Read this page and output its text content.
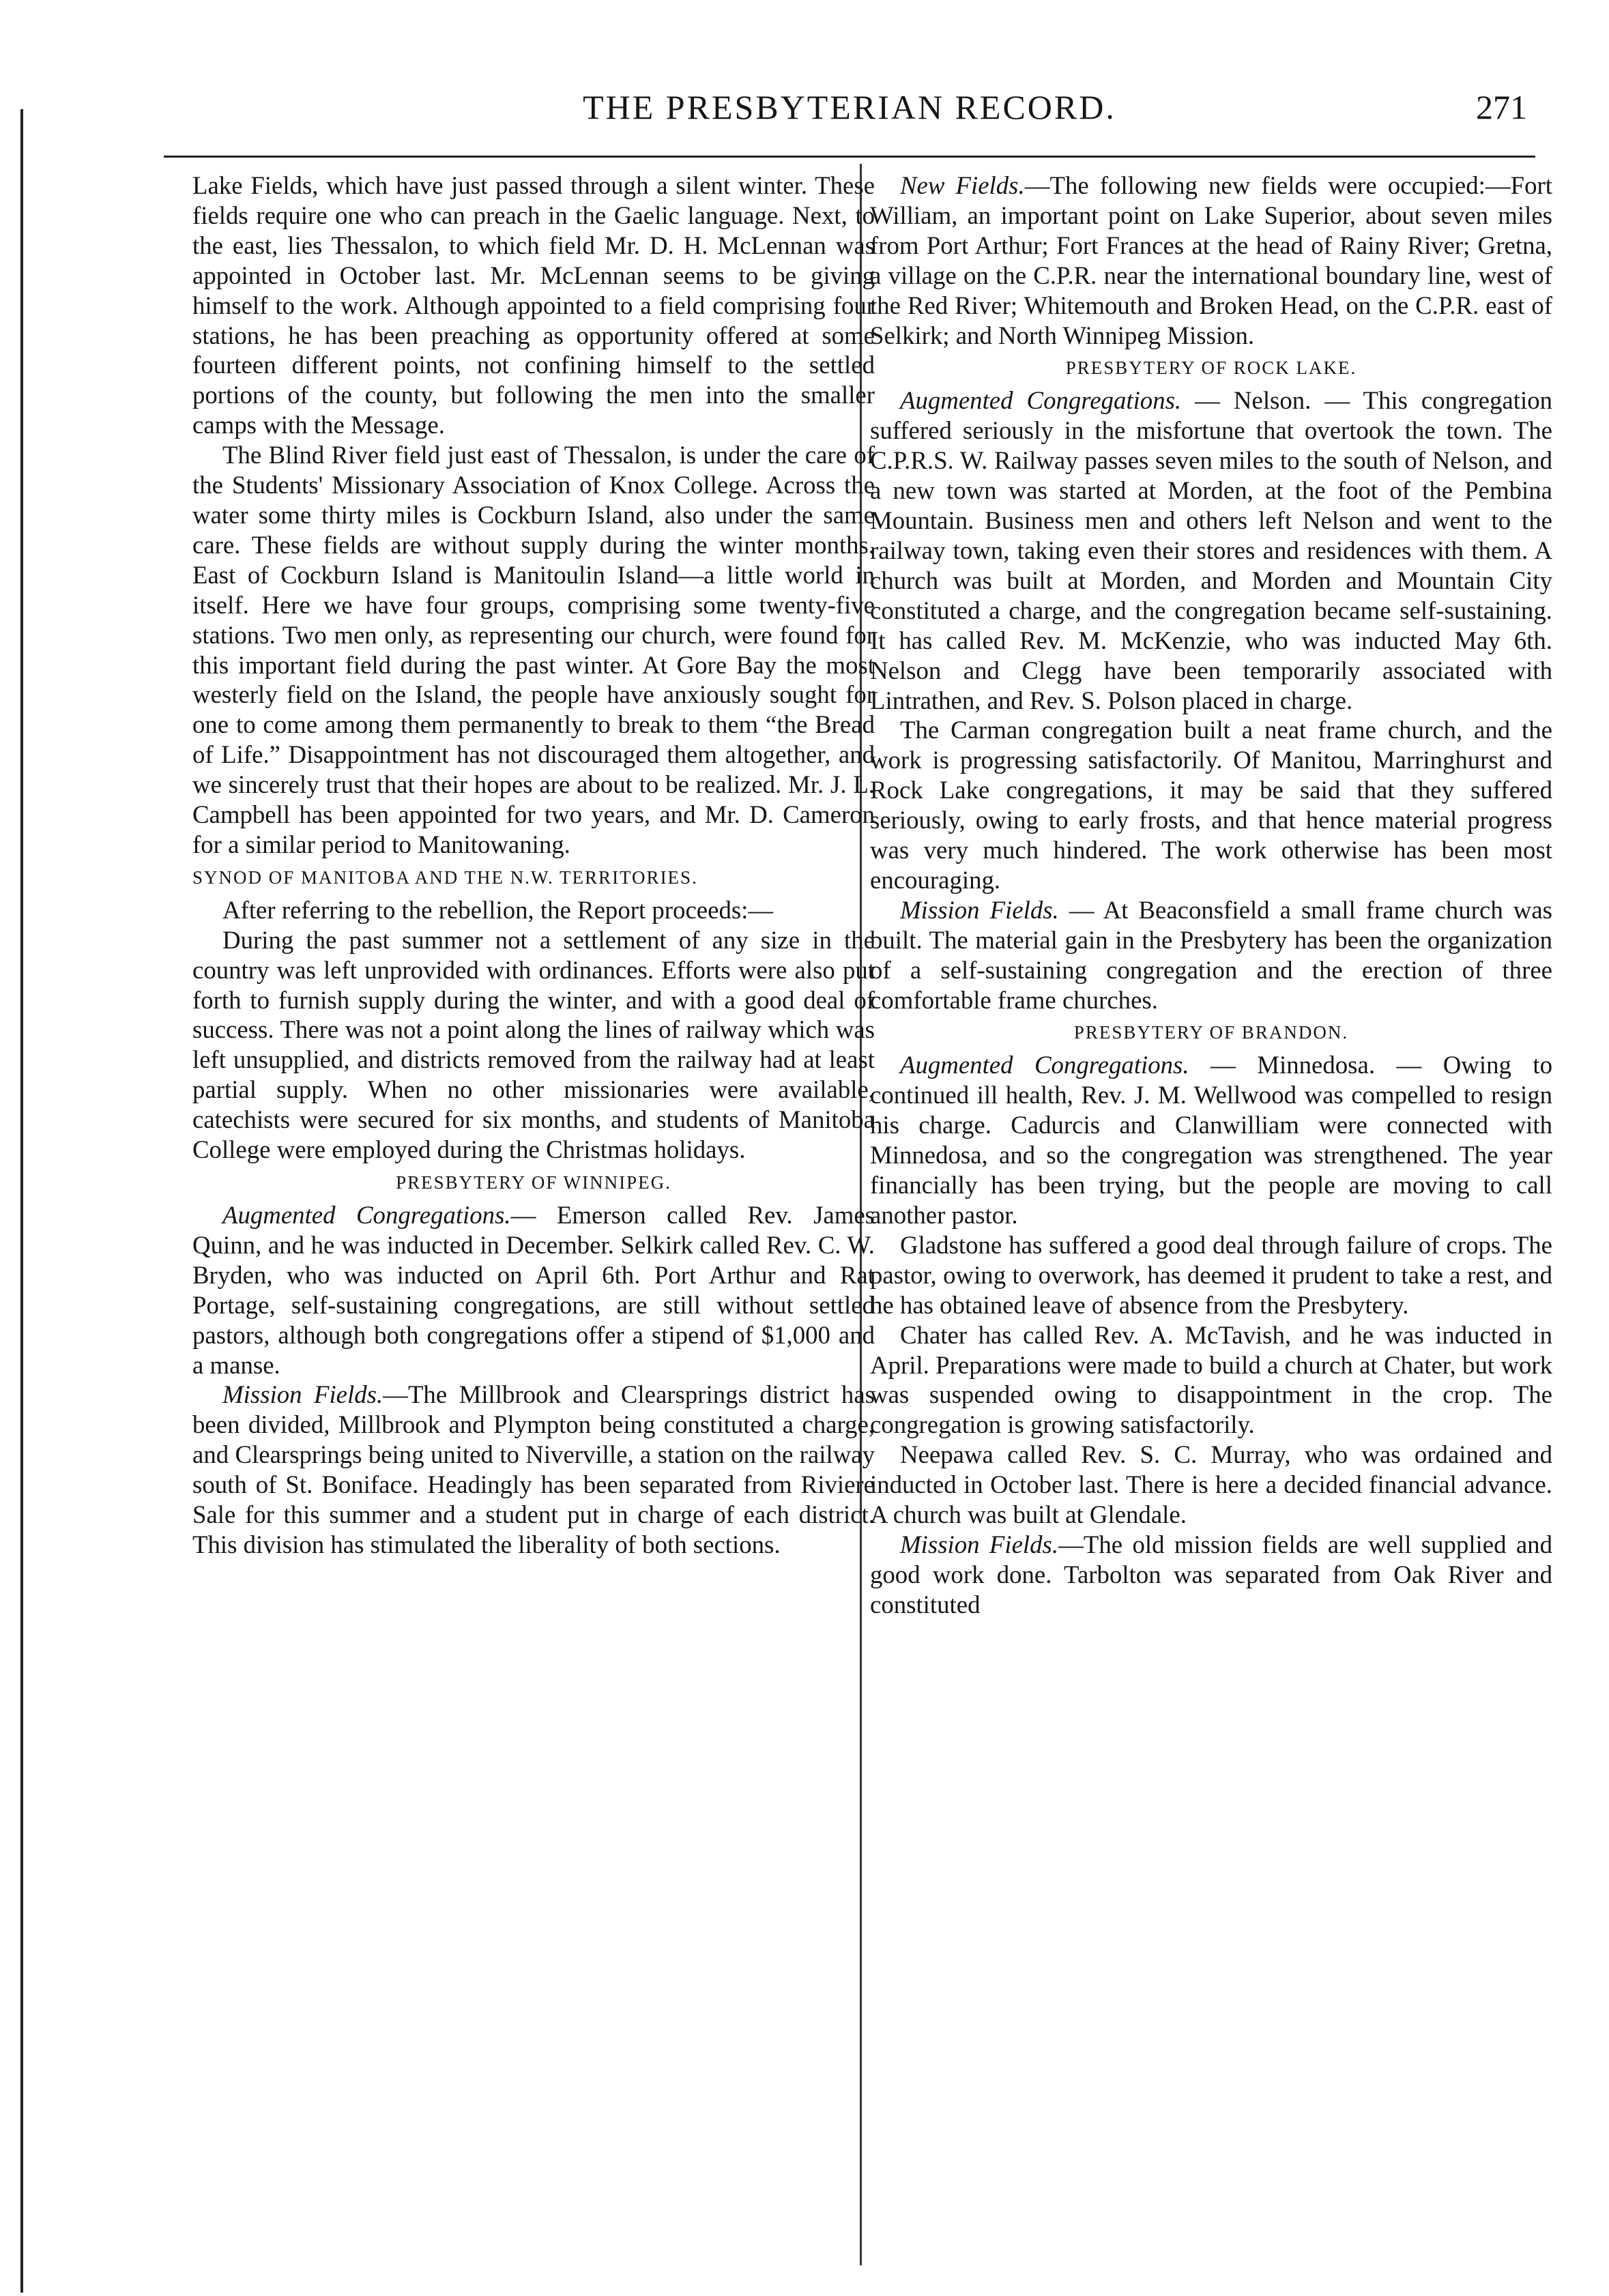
THE PRESBYTERIAN RECORD.	271

Lake Fields, which have just passed through a silent winter. These fields require one who can preach in the Gaelic language. Next, to the east, lies Thessalon, to which field Mr. D. H. McLennan was appointed in October last. Mr. McLennan seems to be giving himself to the work. Although appointed to a field comprising four stations, he has been preaching as opportunity offered at some fourteen different points, not confining himself to the settled portions of the county, but following the men into the smaller camps with the Message.

The Blind River field just east of Thessalon, is under the care of the Students' Missionary Association of Knox College. Across the water some thirty miles is Cockburn Island, also under the same care. These fields are without supply during the winter months. East of Cockburn Island is Manitoulin Island—a little world in itself. Here we have four groups, comprising some twenty-five stations. Two men only, as representing our church, were found for this important field during the past winter. At Gore Bay the most westerly field on the Island, the people have anxiously sought for one to come among them permanently to break to them “the Bread of Life.” Disappointment has not discouraged them altogether, and we sincerely trust that their hopes are about to be realized. Mr. J. L. Campbell has been appointed for two years, and Mr. D. Cameron for a similar period to Manitowaning.

SYNOD OF MANITOBA AND THE N.W. TERRITORIES.

After referring to the rebellion, the Report proceeds:—

During the past summer not a settlement of any size in the country was left unprovided with ordinances. Efforts were also put forth to furnish supply during the winter, and with a good deal of success. There was not a point along the lines of railway which was left unsupplied, and districts removed from the railway had at least partial supply. When no other missionaries were available, catechists were secured for six months, and students of Manitoba College were employed during the Christmas holidays.

PRESBYTERY OF WINNIPEG.

Augmented Congregations.— Emerson called Rev. James Quinn, and he was inducted in December. Selkirk called Rev. C. W. Bryden, who was inducted on April 6th. Port Arthur and Rat Portage, self-sustaining congregations, are still without settled pastors, although both congregations offer a stipend of $1,000 and a manse.

Mission Fields.—The Millbrook and Clearsprings district has been divided, Millbrook and Plympton being constituted a charge, and Clearsprings being united to Niverville, a station on the railway south of St. Boniface. Headingly has been separated from Riviere Sale for this summer and a student put in charge of each district. This division has stimulated the liberality of both sections.

New Fields.—The following new fields were occupied:—Fort William, an important point on Lake Superior, about seven miles from Port Arthur; Fort Frances at the head of Rainy River; Gretna, a village on the C.P.R. near the international boundary line, west of the Red River; Whitemouth and Broken Head, on the C.P.R. east of Selkirk; and North Winnipeg Mission.

PRESBYTERY OF ROCK LAKE.

Augmented Congregations. — Nelson. — This congregation suffered seriously in the misfortune that overtook the town. The C.P.R.S. W. Railway passes seven miles to the south of Nelson, and a new town was started at Morden, at the foot of the Pembina Mountain. Business men and others left Nelson and went to the railway town, taking even their stores and residences with them. A church was built at Morden, and Morden and Mountain City constituted a charge, and the congregation became self-sustaining. It has called Rev. M. McKenzie, who was inducted May 6th. Nelson and Clegg have been temporarily associated with Lintrathen, and Rev. S. Polson placed in charge.

The Carman congregation built a neat frame church, and the work is progressing satisfactorily. Of Manitou, Marringhurst and Rock Lake congregations, it may be said that they suffered seriously, owing to early frosts, and that hence material progress was very much hindered. The work otherwise has been most encouraging.

Mission Fields. — At Beaconsfield a small frame church was built. The material gain in the Presbytery has been the organization of a self-sustaining congregation and the erection of three comfortable frame churches.

PRESBYTERY OF BRANDON.

Augmented Congregations. — Minnedosa. — Owing to continued ill health, Rev. J. M. Wellwood was compelled to resign his charge. Cadurcis and Clanwilliam were connected with Minnedosa, and so the congregation was strengthened. The year financially has been trying, but the people are moving to call another pastor.

Gladstone has suffered a good deal through failure of crops. The pastor, owing to overwork, has deemed it prudent to take a rest, and he has obtained leave of absence from the Presbytery.

Chater has called Rev. A. McTavish, and he was inducted in April. Preparations were made to build a church at Chater, but work was suspended owing to disappointment in the crop. The congregation is growing satisfactorily.

Neepawa called Rev. S. C. Murray, who was ordained and inducted in October last. There is here a decided financial advance. A church was built at Glendale.

Mission Fields.—The old mission fields are well supplied and good work done. Tarbolton was separated from Oak River and constituted
